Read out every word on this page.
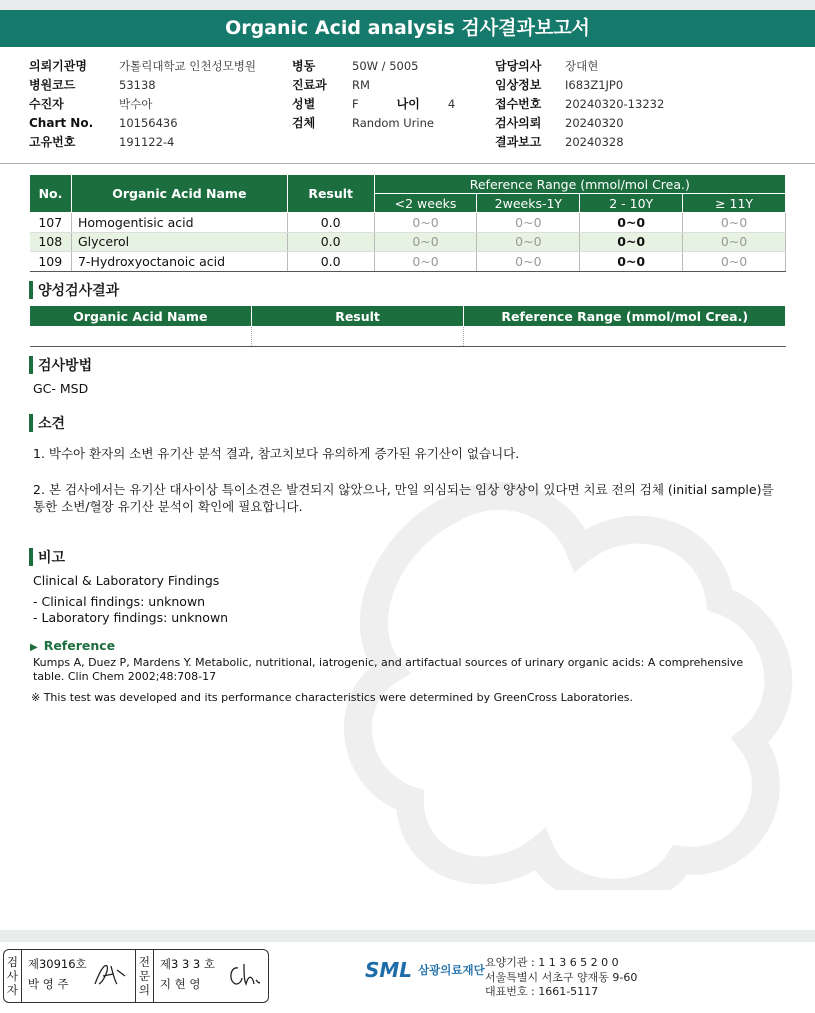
Organic Acid analysis 검사결과보고서
의뢰기관명	가톨릭대학교 인천성모병원
병원코드	53138
수진자	박수아
Chart No.	10156436
고유번호	191122-4
병동	50W / 5005
진료과	RM
성별	F	나이 4
검체	Random Urine
담당의사	장대현
임상정보	I683Z1JP0
접수번호	20240320-13232
검사의뢰	20240320
결과보고	20240328
No.	Organic Acid Name	Result	Reference Range (mmol/mol Crea.)			
			<2 weeks	2weeks-1Y	2 - 10Y	≥ 11Y
107	Homogentisic acid	0.0	0~0	0~0	0~0	0~0
108	Glycerol	0.0	0~0	0~0	0~0	0~0
109	7-Hydroxyoctanoic acid	0.0	0~0	0~0	0~0	0~0
양성검사결과
Organic Acid Name	Result	Reference Range (mmol/mol Crea.)

검사방법
GC- MSD
소견
1. 박수아 환자의 소변 유기산 분석 결과, 참고치보다 유의하게 증가된 유기산이 없습니다.
2. 본 검사에서는 유기산 대사이상 특이소견은 발견되지 않았으나, 만일 의심되는 임상 양상이 있다면 치료 전의 검체 (initial sample)를
통한 소변/혈장 유기산 분석이 확인에 필요합니다.
비고
Clinical & Laboratory Findings
- Clinical findings: unknown
- Laboratory findings: unknown
▶ Reference
Kumps A, Duez P, Mardens Y. Metabolic, nutritional, iatrogenic, and artifactual sources of urinary organic acids: A comprehensive
table. Clin Chem 2002;48:708-17
※ This test was developed and its performance characteristics were determined by GreenCross Laboratories.
검
사
자
제30916호
박 영 주
전
문
의
제3 3 3 호
지 현 영
SML 삼광의료재단
요양기관 : 1 1 3 6 5 2 0 0
서울특별시 서초구 양재동 9-60
대표번호 : 1661-5117
